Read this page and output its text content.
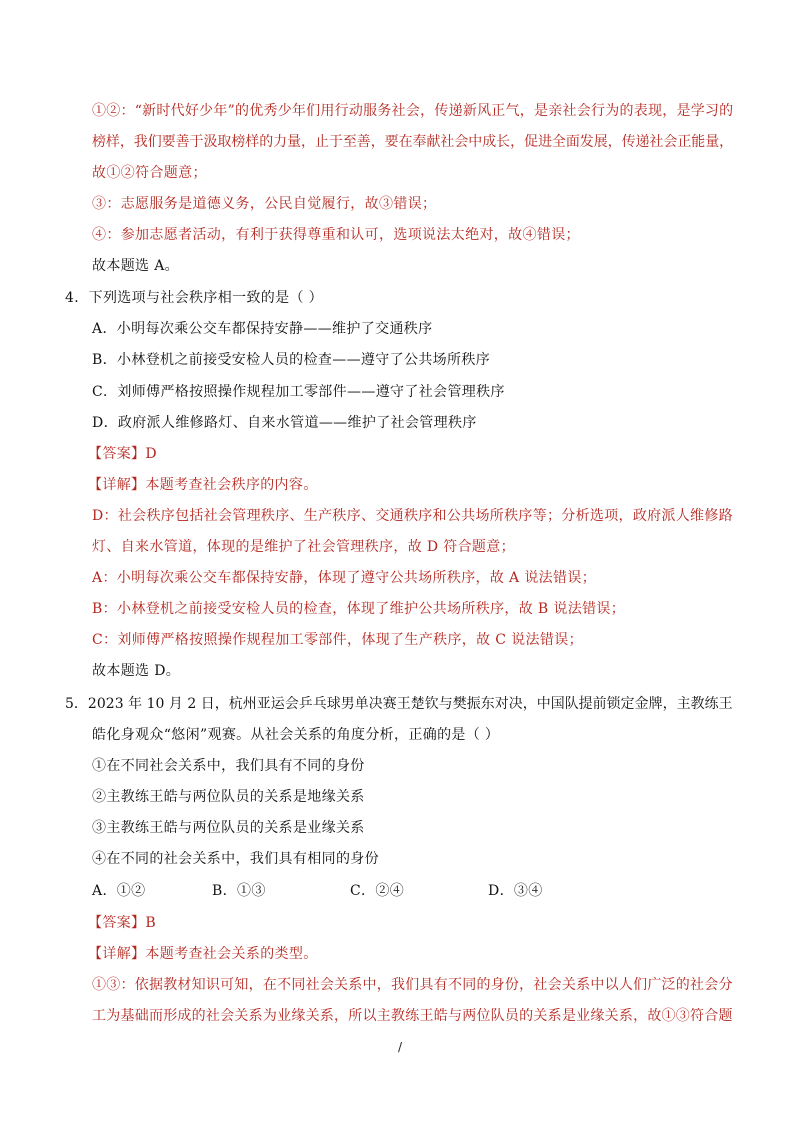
①②：“新时代好少年”的优秀少年们用行动服务社会，传递新风正气，是亲社会行为的表现，是学习的
榜样，我们要善于汲取榜样的力量，止于至善，要在奉献社会中成长，促进全面发展，传递社会正能量，
故①②符合题意；
③：志愿服务是道德义务，公民自觉履行，故③错误；
④：参加志愿者活动，有利于获得尊重和认可，选项说法太绝对，故④错误；
故本题选 A。
4．下列选项与社会秩序相一致的是（ ）
A．小明每次乘公交车都保持安静——维护了交通秩序
B．小林登机之前接受安检人员的检查——遵守了公共场所秩序
C．刘师傅严格按照操作规程加工零部件——遵守了社会管理秩序
D．政府派人维修路灯、自来水管道——维护了社会管理秩序
【答案】D
【详解】本题考查社会秩序的内容。
D：社会秩序包括社会管理秩序、生产秩序、交通秩序和公共场所秩序等；分析选项，政府派人维修路
灯、自来水管道，体现的是维护了社会管理秩序，故 D 符合题意；
A：小明每次乘公交车都保持安静，体现了遵守公共场所秩序，故 A 说法错误；
B：小林登机之前接受安检人员的检查，体现了维护公共场所秩序，故 B 说法错误；
C：刘师傅严格按照操作规程加工零部件，体现了生产秩序，故 C 说法错误；
故本题选 D。
5．2023 年 10 月 2 日，杭州亚运会乒乓球男单决赛王楚钦与樊振东对决，中国队提前锁定金牌，主教练王
皓化身观众“悠闲”观赛。从社会关系的角度分析，正确的是（ ）
①在不同社会关系中，我们具有不同的身份
②主教练王皓与两位队员的关系是地缘关系
③主教练王皓与两位队员的关系是业缘关系
④在不同的社会关系中，我们具有相同的身份
A．①②	B．①③	C．②④	D．③④
【答案】B
【详解】本题考查社会关系的类型。
①③：依据教材知识可知，在不同社会关系中，我们具有不同的身份，社会关系中以人们广泛的社会分
工为基础而形成的社会关系为业缘关系，所以主教练王皓与两位队员的关系是业缘关系，故①③符合题
/
